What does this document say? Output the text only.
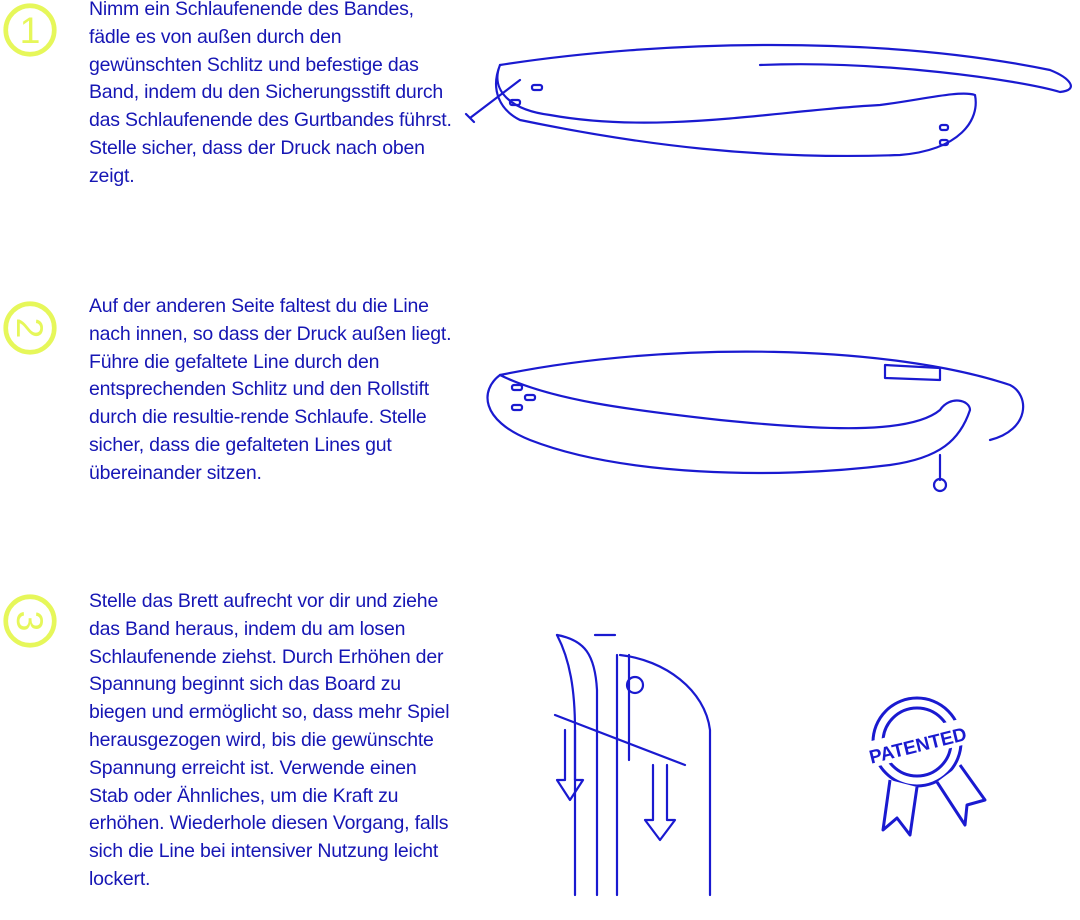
1

Nimm ein Schlaufenende des Bandes, fädle es von außen durch den gewünschten Schlitz und befestige das Band, indem du den Sicherungsstift durch das Schlaufenende des Gurtbandes führst. Stelle sicher, dass der Druck nach oben zeigt.

2

Auf der anderen Seite faltest du die Line nach innen, so dass der Druck außen liegt. Führe die gefaltete Line durch den entsprechenden Schlitz und den Rollstift durch die resultie-rende Schlaufe. Stelle sicher, dass die gefalteten Lines gut übereinander sitzen.

3

Stelle das Brett aufrecht vor dir und ziehe das Band heraus, indem du am losen Schlaufenende ziehst. Durch Erhöhen der Spannung beginnt sich das Board zu biegen und ermöglicht so, dass mehr Spiel herausgezogen wird, bis die gewünschte Spannung erreicht ist. Verwende einen Stab oder Ähnliches, um die Kraft zu erhöhen. Wiederhole diesen Vorgang, falls sich die Line bei intensiver Nutzung leicht lockert.

PATENTED
